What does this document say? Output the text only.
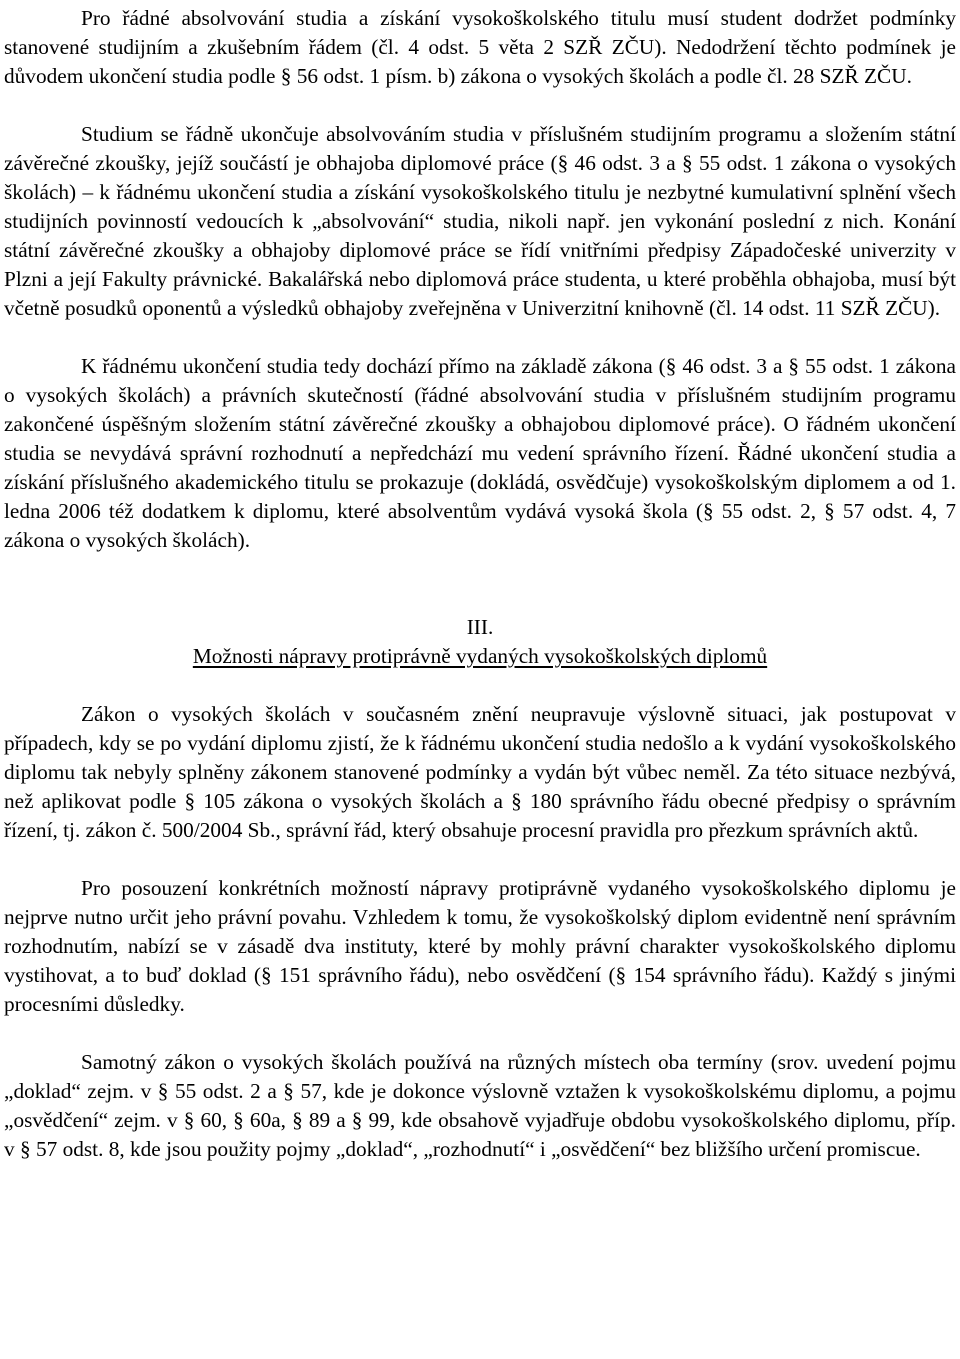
Pro řádné absolvování studia a získání vysokoškolského titulu musí student dodržet podmínky stanovené studijním a zkušebním řádem (čl. 4 odst. 5 věta 2 SZŘ ZČU). Nedodržení těchto podmínek je důvodem ukončení studia podle § 56 odst. 1 písm. b) zákona o vysokých školách a podle čl. 28 SZŘ ZČU.

Studium se řádně ukončuje absolvováním studia v příslušném studijním programu a složením státní závěrečné zkoušky, jejíž součástí je obhajoba diplomové práce (§ 46 odst. 3 a § 55 odst. 1 zákona o vysokých školách) – k řádnému ukončení studia a získání vysokoškolského titulu je nezbytné kumulativní splnění všech studijních povinností vedoucích k „absolvování“ studia, nikoli např. jen vykonání poslední z nich. Konání státní závěrečné zkoušky a obhajoby diplomové práce se řídí vnitřními předpisy Západočeské univerzity v Plzni a její Fakulty právnické. Bakalářská nebo diplomová práce studenta, u které proběhla obhajoba, musí být včetně posudků oponentů a výsledků obhajoby zveřejněna v Univerzitní knihovně (čl. 14 odst. 11 SZŘ ZČU).

K řádnému ukončení studia tedy dochází přímo na základě zákona (§ 46 odst. 3 a § 55 odst. 1 zákona o vysokých školách) a právních skutečností (řádné absolvování studia v příslušném studijním programu zakončené úspěšným složením státní závěrečné zkoušky a obhajobou diplomové práce). O řádném ukončení studia se nevydává správní rozhodnutí a nepředchází mu vedení správního řízení. Řádné ukončení studia a získání příslušného akademického titulu se prokazuje (dokládá, osvědčuje) vysokoškolským diplomem a od 1. ledna 2006 též dodatkem k diplomu, které absolventům vydává vysoká škola (§ 55 odst. 2, § 57 odst. 4, 7 zákona o vysokých školách).

III.
Možnosti nápravy protiprávně vydaných vysokoškolských diplomů

Zákon o vysokých školách v současném znění neupravuje výslovně situaci, jak postupovat v případech, kdy se po vydání diplomu zjistí, že k řádnému ukončení studia nedošlo a k vydání vysokoškolského diplomu tak nebyly splněny zákonem stanovené podmínky a vydán být vůbec neměl. Za této situace nezbývá, než aplikovat podle § 105 zákona o vysokých školách a § 180 správního řádu obecné předpisy o správním řízení, tj. zákon č. 500/2004 Sb., správní řád, který obsahuje procesní pravidla pro přezkum správních aktů.

Pro posouzení konkrétních možností nápravy protiprávně vydaného vysokoškolského diplomu je nejprve nutno určit jeho právní povahu. Vzhledem k tomu, že vysokoškolský diplom evidentně není správním rozhodnutím, nabízí se v zásadě dva instituty, které by mohly právní charakter vysokoškolského diplomu vystihovat, a to buď doklad (§ 151 správního řádu), nebo osvědčení (§ 154 správního řádu). Každý s jinými procesními důsledky.

Samotný zákon o vysokých školách používá na různých místech oba termíny (srov. uvedení pojmu „doklad“ zejm. v § 55 odst. 2 a § 57, kde je dokonce výslovně vztažen k vysokoškolskému diplomu, a pojmu „osvědčení“ zejm. v § 60, § 60a, § 89 a § 99, kde obsahově vyjadřuje obdobu vysokoškolského diplomu, příp. v § 57 odst. 8, kde jsou použity pojmy „doklad“, „rozhodnutí“ i „osvědčení“ bez bližšího určení promiscue.
